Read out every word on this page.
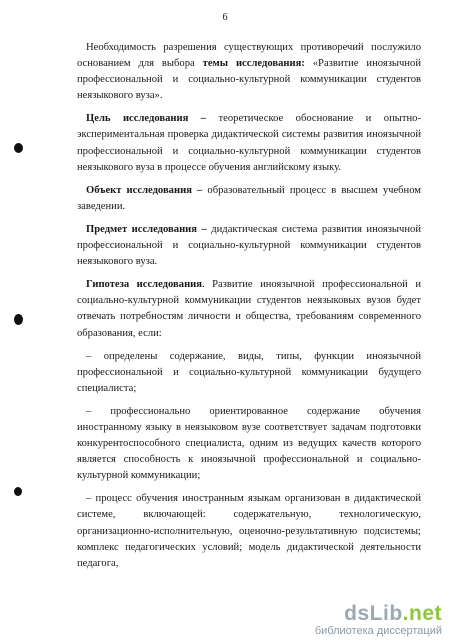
6

Необходимость разрешения существующих противоречий послужило основанием для выбора темы исследования: «Развитие иноязычной профессиональной и социально-культурной коммуникации студентов неязыкового вуза».

Цель исследования – теоретическое обоснование и опытно-экспериментальная проверка дидактической системы развития иноязычной профессиональной и социально-культурной коммуникации студентов неязыкового вуза в процессе обучения английскому языку.

Объект исследования – образовательный процесс в высшем учебном заведении.

Предмет исследования – дидактическая система развития иноязычной профессиональной и социально-культурной коммуникации студентов неязыкового вуза.

Гипотеза исследования. Развитие иноязычной профессиональной и социально-культурной коммуникации студентов неязыковых вузов будет отвечать потребностям личности и общества, требованиям современного образования, если:

– определены содержание, виды, типы, функции иноязычной профессиональной и социально-культурной коммуникации будущего специалиста;

– профессионально ориентированное содержание обучения иностранному языку в неязыковом вузе соответствует задачам подготовки конкурентоспособного специалиста, одним из ведущих качеств которого является способность к иноязычной профессиональной и социально-культурной коммуникации;

– процесс обучения иностранным языкам организован в дидактической системе, включающей: содержательную, технологическую, организационно-исполнительную, оценочно-результативную подсистемы; комплекс педагогических условий; модель дидактической деятельности педагога,

dsLib.net
библиотека диссертаций
